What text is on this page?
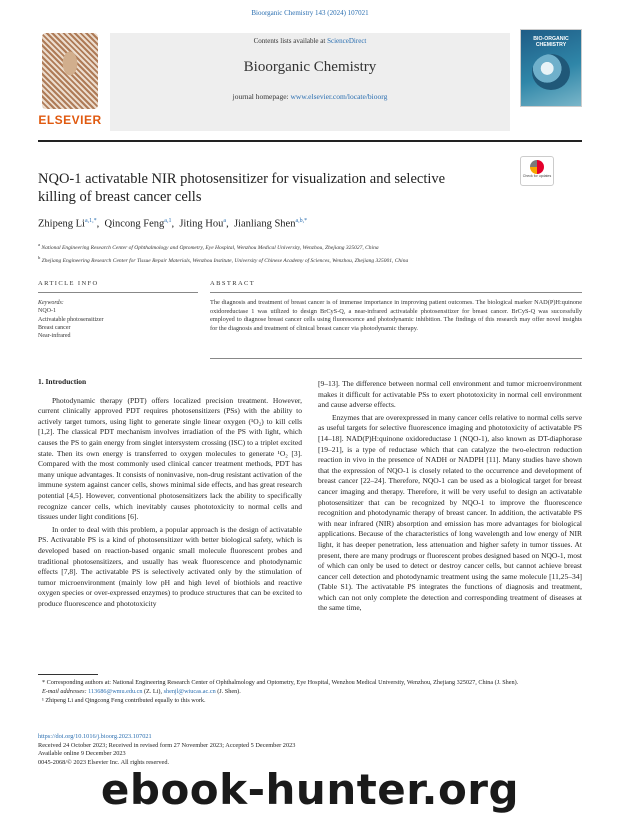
Bioorganic Chemistry 143 (2024) 107021
ELSEVIER
Contents lists available at ScienceDirect
Bioorganic Chemistry
journal homepage: www.elsevier.com/locate/bioorg
BIO-ORGANIC CHEMISTRY
NQO-1 activatable NIR photosensitizer for visualization and selective killing of breast cancer cells
Check for updates
Zhipeng $Li^{a,1,*}$,  Qincong Feng$^{a,1}$,  Jiting Hou$^a$,  Jianliang Shen$^{a,b,*}$
$^a$ National Engineering Research Center of Ophthalmology and Optometry, Eye Hospital, Wenzhou Medical University, Wenzhou, Zhejiang 325027, China
$^b$ Zhejiang Engineering Research Center for Tissue Repair Materials, Wenzhou Institute, University of Chinese Academy of Sciences, Wenzhou, Zhejiang 325001, China
ARTICLE INFO	ABSTRACT
Keywords:
NQO-1
Activatable photosensitizer
Breast cancer
Near-infrared
The diagnosis and treatment of breast cancer is of immense importance in improving patient outcomes. The biological marker NAD(P)H:quinone oxidoreductase 1 was utilized to design BrCyS-Q, a near-infrared activatable photosensitizer for breast cancer. BrCyS-Q was successfully employed to diagnose breast cancer cells using fluorescence and photodynamic inhibition. The findings of this research may offer novel insights for the diagnosis and treatment of clinical breast cancer via photodynamic therapy.
1. Introduction

Photodynamic therapy (PDT) offers localized precision treatment. However, current clinically approved PDT requires photosensitizers (PSs) with the ability to actively target tumors, using light to generate single linear oxygen (¹O₂) to kill cells [1,2]. The classical PDT mechanism involves irradiation of the PS with light, which causes the PS to gain energy from singlet intersystem crossing (ISC) to a triplet excited state. Then its own energy is transferred to oxygen molecules to generate ¹O₂ [3]. Compared with the most commonly used clinical cancer treatment methods, PDT has many unique advantages. It consists of noninvasive, non-drug resistant activation of the immune system against cancer cells, shows minimal side effects, and has great research potential [4,5]. However, conventional photosensitizers lack the ability to specifically recognize cancer cells, which inevitably causes phototoxicity to normal cells and tissues under light conditions [6].

In order to deal with this problem, a popular approach is the design of activatable PS. Activatable PS is a kind of photosensitizer with better biological safety, which is developed based on reaction-based organic small molecule fluorescent probes and traditional photosensitizers, and usually has weak fluorescence and photodynamic effects [7,8]. The activatable PS is selectively activated only by the stimulation of tumor microenvironment (mainly low pH and high level of biothiols and reactive oxygen species or over-expressed enzymes) to produce structures that can be excited to produce fluorescence and phototoxicity

[9–13]. The difference between normal cell environment and tumor microenvironment makes it difficult for activatable PSs to exert phototoxicity in normal cell environment and cause adverse effects.

Enzymes that are overexpressed in many cancer cells relative to normal cells serve as useful targets for selective fluorescence imaging and phototoxicity of activatable PS [14–18]. NAD(P)H:quinone oxidoreductase 1 (NQO-1), also known as DT-diaphorase [19–21], is a type of reductase which that can catalyze the two-electron reduction reaction in vivo in the presence of NADH or NADPH [11]. Many studies have shown that the expression of NQO-1 is closely related to the occurrence and development of breast cancer [22–24]. Therefore, NQO-1 can be used as a biological target for breast cancer imaging and therapy. Therefore, it will be very useful to design an activatable photosensitizer that can be recognized by NQO-1 to improve the fluorescence recognition and photodynamic therapy of breast cancer. In addition, the activatable PS with near infrared (NIR) absorption and emission has more advantages for biological applications. Because of the characteristics of long wavelength and low energy of NIR light, it has deeper penetration, less attenuation and higher safety in tumor tissues. At present, there are many prodrugs or fluorescent probes designed based on NQO-1, most of which can only be used to detect or destroy cancer cells, but cannot achieve breast cancer cell detection and photodynamic treatment using the same molecule [11,25–34] (Table S1). The activatable PS integrates the functions of diagnosis and treatment, which can not only complete the detection and corresponding treatment of diseases at the same time,

* Corresponding authors at: National Engineering Research Center of Ophthalmology and Optometry, Eye Hospital, Wenzhou Medical University, Wenzhou, Zhejiang 325027, China (J. Shen).
E-mail addresses: 113686@wmu.edu.cn (Z. Li), shenjl@wiucas.ac.cn (J. Shen).
¹ Zhipeng Li and Qingcong Feng contributed equally to this work.
https://doi.org/10.1016/j.bioorg.2023.107021
Received 24 October 2023; Received in revised form 27 November 2023; Accepted 5 December 2023
Available online 9 December 2023
0045-2068/© 2023 Elsevier Inc. All rights reserved.
ebook-hunter.org
